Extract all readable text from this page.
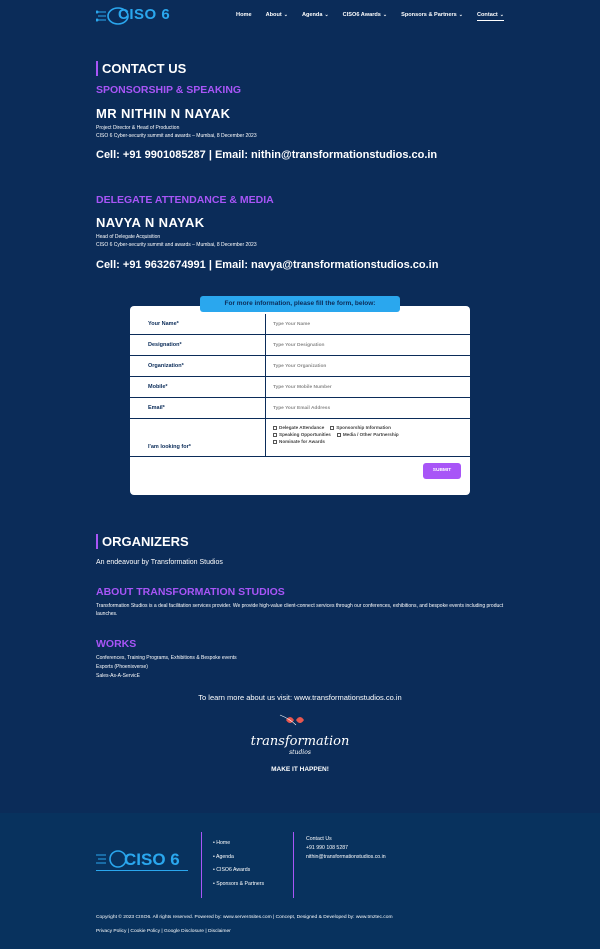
CISO 6	Home	About ⌄	Agenda ⌄	CISO6 Awards ⌄	Sponsors & Partners ⌄	Contact ⌄
CONTACT US
SPONSORSHIP & SPEAKING
MR NITHIN N NAYAK
Project Director & Head of Production
CISO 6 Cyber-security summit and awards – Mumbai, 8 December 2023
Cell: +91 9901085287 | Email: nithin@transformationstudios.co.in
DELEGATE ATTENDANCE & MEDIA
NAVYA N NAYAK
Head of Delegate Acquisition
CISO 6 Cyber-security summit and awards – Mumbai, 8 December 2023
Cell: +91 9632674991 | Email: navya@transformationstudios.co.in
For more information, please fill the form, below:
Your Name*	Type Your Name
Designation*	Type Your Designation
Organization*	Type Your Organization
Mobile*	Type Your Mobile Number
Email*	Type Your Email Address
I'am looking for*
Delegate Attendance	Sponsorship Information
Speaking Opportunities	Media / Other Partnership
Nominate for Awards
SUBMIT
ORGANIZERS
An endeavour by Transformation Studios
ABOUT TRANSFORMATION STUDIOS
Transformation Studios is a deal facilitation services provider. We provide high-value client-connect services through our conferences, exhibitions, and bespoke events including product launches.
WORKS
Conferences, Training Programs, Exhibitions & Bespoke events
Esports (Phoenixverse)
Sales-As-A-ServicE
To learn more about us visit: www.transformationstudios.co.in
transformation
studios
MAKE IT HAPPEN!
CISO 6
• Home
• Agenda
• CISO6 Awards
• Sponsors & Partners
Contact Us
+91 990 108 5287
nithin@transformationstudios.co.in
Copyright © 2023 CISO6. All rights reserved. Powered by: www.server4sites.com | Concept, Designed & Developed by: www.tmztec.com
Privacy Policy | Cookie Policy | Google Disclosure | Disclaimer
